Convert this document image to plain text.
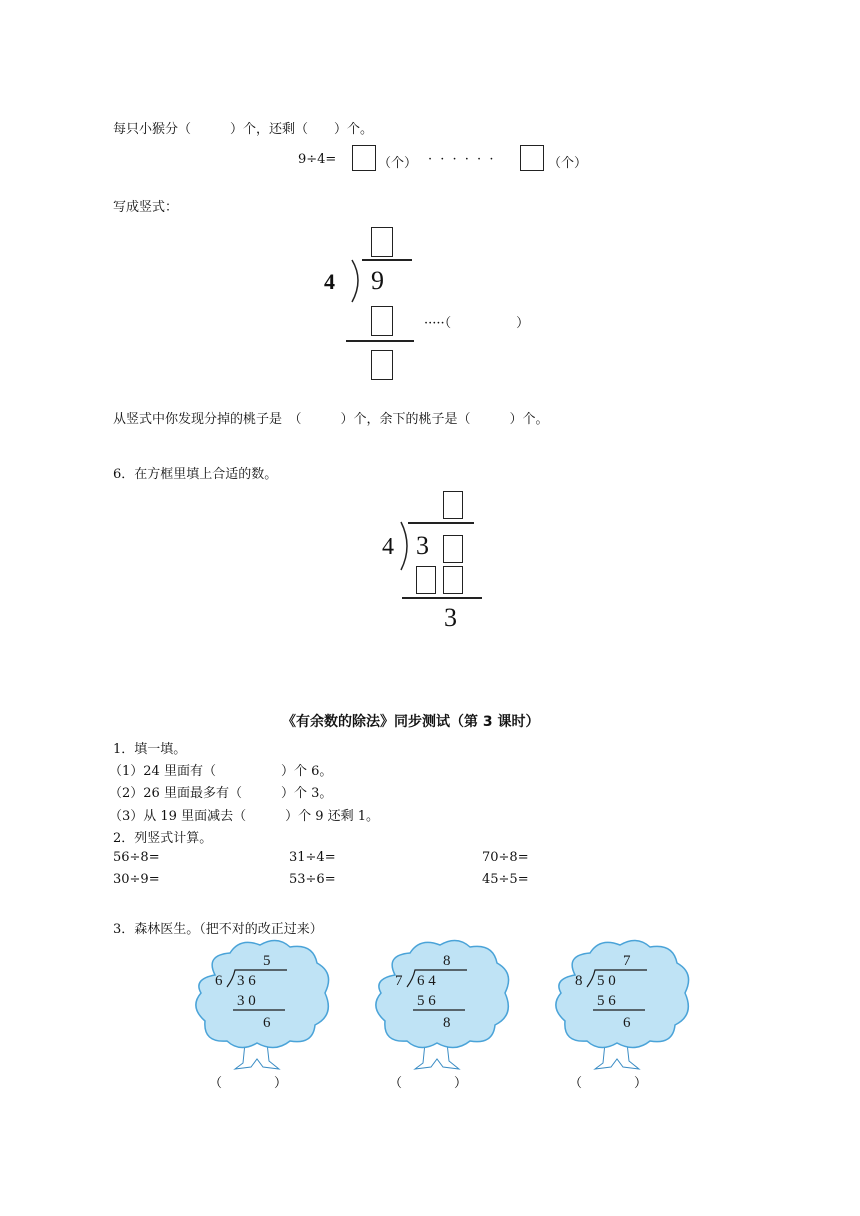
每只小猴分（　　　）个，还剩（　　）个。
9÷4=	（个） · · · · · ·	（个）
写成竖式：
4 9
·····（　　　　　）
从竖式中你发现分掉的桃子是　（　　　）个，余下的桃子是（　　　）个。
6．在方框里填上合适的数。
4 3
3
《有余数的除法》同步测试（第 3 课时）
1．填一填。
（1）24 里面有（　　　　　）个 6。
（2）26 里面最多有（　　　）个 3。
（3）从 19 里面减去（　　　）个 9 还剩 1。
2．列竖式计算。
56÷8=	31÷4=	70÷8=
30÷9=	53÷6=	45÷5=
3．森林医生。（把不对的改正过来）
5
6 3 6
3 0
6
（　　　　）
8
7 6 4
5 6
8
（　　　　）
7
8 5 0
5 6
6
（　　　　）
